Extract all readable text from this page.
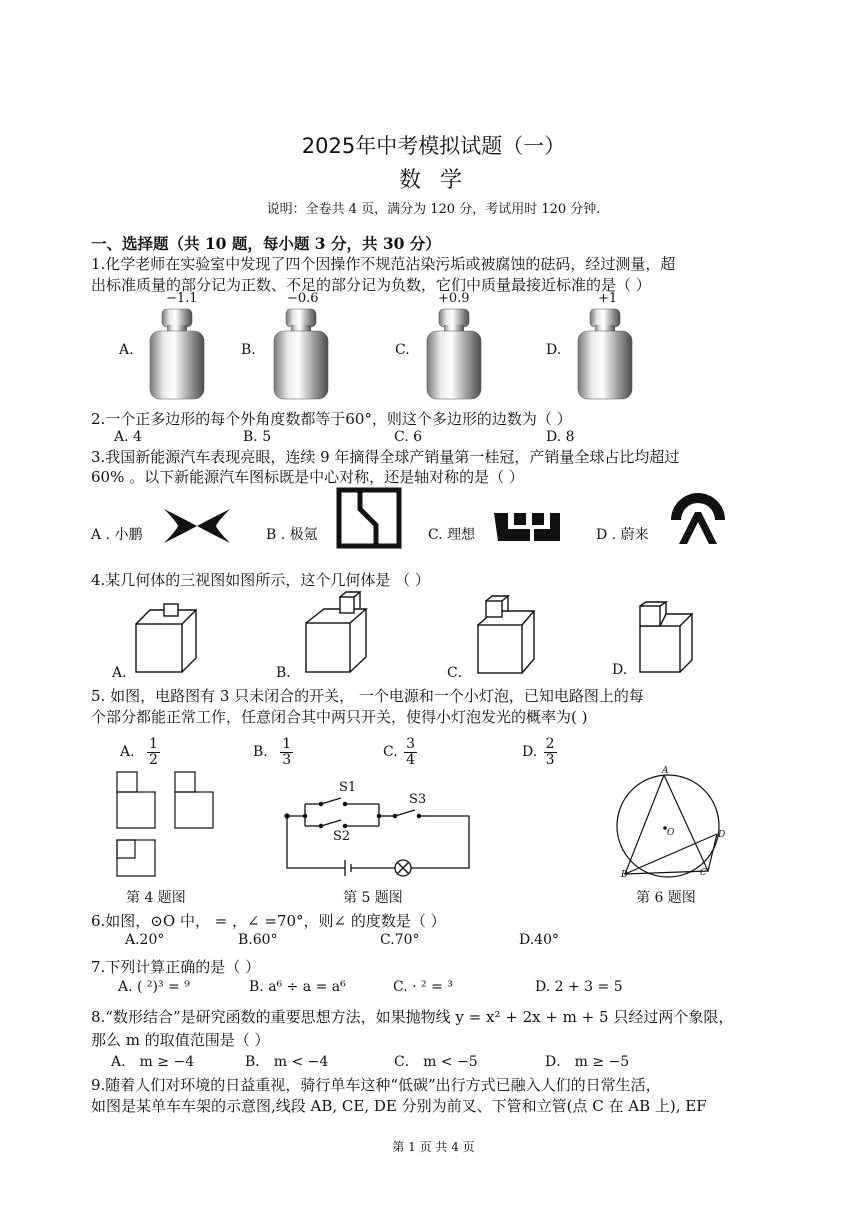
2025年中考模拟试题（一）
数 学
说明：全卷共 4 页，满分为 120 分，考试用时 120 分钟.
一、选择题（共 10 题，每小题 3 分，共 30 分）
1.化学老师在实验室中发现了四个因操作不规范沾染污垢或被腐蚀的砝码，经过测量，超
出标准质量的部分记为正数、不足的部分记为负数，它们中质量最接近标准的是（ ）
−1.1	−0.6	+0.9	+1
A.	B.	C.	D.
2.一个正多边形的每个外角度数都等于60°，则这个多边形的边数为（ ）
A. 4	B. 5	C. 6	D. 8
3.我国新能源汽车表现亮眼，连续 9 年摘得全球产销量第一桂冠，产销量全球占比均超过
60% 。以下新能源汽车图标既是中心对称，还是轴对称的是（ ）
A . 小鹏	B . 极氪	C. 理想	D . 蔚来
4.某几何体的三视图如图所示，这个几何体是 （ ）
A．	B．	C．	D.
5. 如图，电路图有 3 只未闭合的开关， 一个电源和一个小灯泡，已知电路图上的每
个部分都能正常工作，任意闭合其中两只开关，使得小灯泡发光的概率为( )
A. $\frac{1}{2}$	B. $\frac{1}{3}$	C. $\frac{3}{4}$	D. $\frac{2}{3}$
第 4 题图
S1
S2
S3
第 5 题图
A
O	D
B	C
第 6 题图
6.如图，⊙O 中， = ，∠ =70°，则∠ 的度数是（ ）
A.20°	B.60°	C.70°	D.40°
7.下列计算正确的是（ ）
A. ( ²)³ = ⁹	B. a⁶ ÷ a = a⁶	C. · ² = ³	D. 2 + 3 = 5
8.“数形结合”是研究函数的重要思想方法，如果抛物线 y = x² + 2x + m + 5 只经过两个象限，
那么 m 的取值范围是（ ）
A． m ≥ −4	B． m < −4	C． m < −5	D． m ≥ −5
9.随着人们对环境的日益重视，骑行单车这种“低碳”出行方式已融入人们的日常生活，
如图是某单车车架的示意图,线段 AB, CE, DE 分别为前叉、下管和立管(点 C 在 AB 上), EF
第 1 页 共 4 页
